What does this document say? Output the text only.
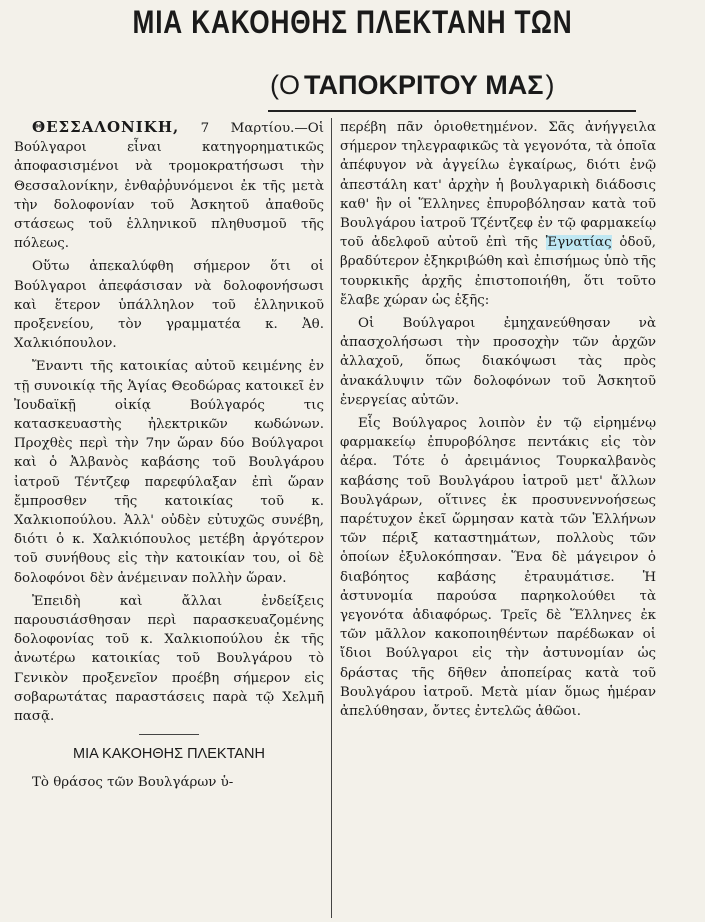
ΜΙΑ ΚΑΚΟΗΘΗΣ ΠΛΕΚΤΑΝΗ ΤΩΝ
(Ο ΤΑΠΟΚΡΙΤΟΥ ΜΑΣ)

ΘΕΣΣΑΛΟΝΙΚΗ, 7 Μαρτίου.—Οἱ Βούλγαροι εἶναι κατηγορηματικῶς ἀποφασισμένοι νὰ τρομοκρατήσωσι τὴν Θεσσαλονίκην, ἐνθαῤῥυνόμενοι ἐκ τῆς μετὰ τὴν δολοφονίαν τοῦ Ἀσκητοῦ ἀπαθοῦς στάσεως τοῦ ἑλληνικοῦ πληθυσμοῦ τῆς πόλεως.

Οὕτω ἀπεκαλύφθη σήμερον ὅτι οἱ Βούλγαροι ἀπεφάσισαν νὰ δολοφονήσωσι καὶ ἕτερον ὑπάλληλον τοῦ ἑλληνικοῦ προξενείου, τὸν γραμματέα κ. Ἀθ. Χαλκιόπουλον.

Ἔναντι τῆς κατοικίας αὐτοῦ κειμένης ἐν τῇ συνοικίᾳ τῆς Ἁγίας Θεοδώρας κατοικεῖ ἐν Ἰουδαϊκῇ οἰκίᾳ Βούλγαρός τις κατασκευαστὴς ἠλεκτρικῶν κωδώνων. Προχθὲς περὶ τὴν 7ην ὥραν δύο Βούλγαροι καὶ ὁ Ἀλβανὸς καβάσης τοῦ Βουλγάρου ἰατροῦ Τέντζεφ παρεφύλαξαν ἐπὶ ὥραν ἔμπροσθεν τῆς κατοικίας τοῦ κ. Χαλκιοπούλου. Ἀλλ' οὐδὲν εὐτυχῶς συνέβη, διότι ὁ κ. Χαλκιόπουλος μετέβη ἀργότερον τοῦ συνήθους εἰς τὴν κατοικίαν του, οἱ δὲ δολοφόνοι δὲν ἀνέμειναν πολλὴν ὥραν.

Ἐπειδὴ καὶ ἄλλαι ἐνδείξεις παρουσιάσθησαν περὶ παρασκευαζομένης δολοφονίας τοῦ κ. Χαλκιοπούλου ἐκ τῆς ἀνωτέρω κατοικίας τοῦ Βουλγάρου τὸ Γενικὸν προξενεῖον προέβη σήμερον εἰς σοβαρωτάτας παραστάσεις παρὰ τῷ Χελμῆ πασᾷ.

ΜΙΑ ΚΑΚΟΗΘΗΣ ΠΛΕΚΤΑΝΗ

Τὸ θράσος τῶν Βουλγάρων ὑ-

περέβη πᾶν ὁριοθετημένον. Σᾶς ἀνήγγειλα σήμερον τηλεγραφικῶς τὰ γεγονότα, τὰ ὁποῖα ἀπέφυγον νὰ ἀγγείλω ἐγκαίρως, διότι ἐνῷ ἀπεστάλη κατ' ἀρχὴν ἡ βουλγαρικὴ διάδοσις καθ' ἣν οἱ Ἕλληνες ἐπυροβόλησαν κατὰ τοῦ Βουλγάρου ἰατροῦ Τζέντζεφ ἐν τῷ φαρμακείῳ τοῦ ἀδελφοῦ αὐτοῦ ἐπὶ τῆς Ἐγνατίας ὁδοῦ, βραδύτερον ἐξηκριβώθη καὶ ἐπισήμως ὑπὸ τῆς τουρκικῆς ἀρχῆς ἐπιστοποιήθη, ὅτι τοῦτο ἔλαβε χώραν ὡς ἑξῆς:

Οἱ Βούλγαροι ἐμηχανεύθησαν νὰ ἀπασχολήσωσι τὴν προσοχὴν τῶν ἀρχῶν ἀλλαχοῦ, ὅπως διακόψωσι τὰς πρὸς ἀνακάλυψιν τῶν δολοφόνων τοῦ Ἀσκητοῦ ἐνεργείας αὐτῶν.

Εἷς Βούλγαρος λοιπὸν ἐν τῷ εἰρημένῳ φαρμακείῳ ἐπυροβόλησε πεντάκις εἰς τὸν ἀέρα. Τότε ὁ ἀρειμάνιος Τουρκαλβανὸς καβάσης τοῦ Βουλγάρου ἰατροῦ μετ' ἄλλων Βουλγάρων, οἵτινες ἐκ προσυνεννοήσεως παρέτυχον ἐκεῖ ὥρμησαν κατὰ τῶν Ἑλλήνων τῶν πέριξ καταστημάτων, πολλοὺς τῶν ὁποίων ἐξυλοκόπησαν. Ἕνα δὲ μάγειρον ὁ διαβόητος καβάσης ἐτραυμάτισε. Ἡ ἀστυνομία παρούσα παρηκολούθει τὰ γεγονότα ἀδιαφόρως. Τρεῖς δὲ Ἕλληνες ἐκ τῶν μᾶλλον κακοποιηθέντων παρέδωκαν οἱ ἴδιοι Βούλγαροι εἰς τὴν ἀστυνομίαν ὡς δράστας τῆς δῆθεν ἀποπείρας κατὰ τοῦ Βουλγάρου ἰατροῦ. Μετὰ μίαν ὅμως ἡμέραν ἀπελύθησαν, ὄντες ἐντελῶς ἀθῶοι.
